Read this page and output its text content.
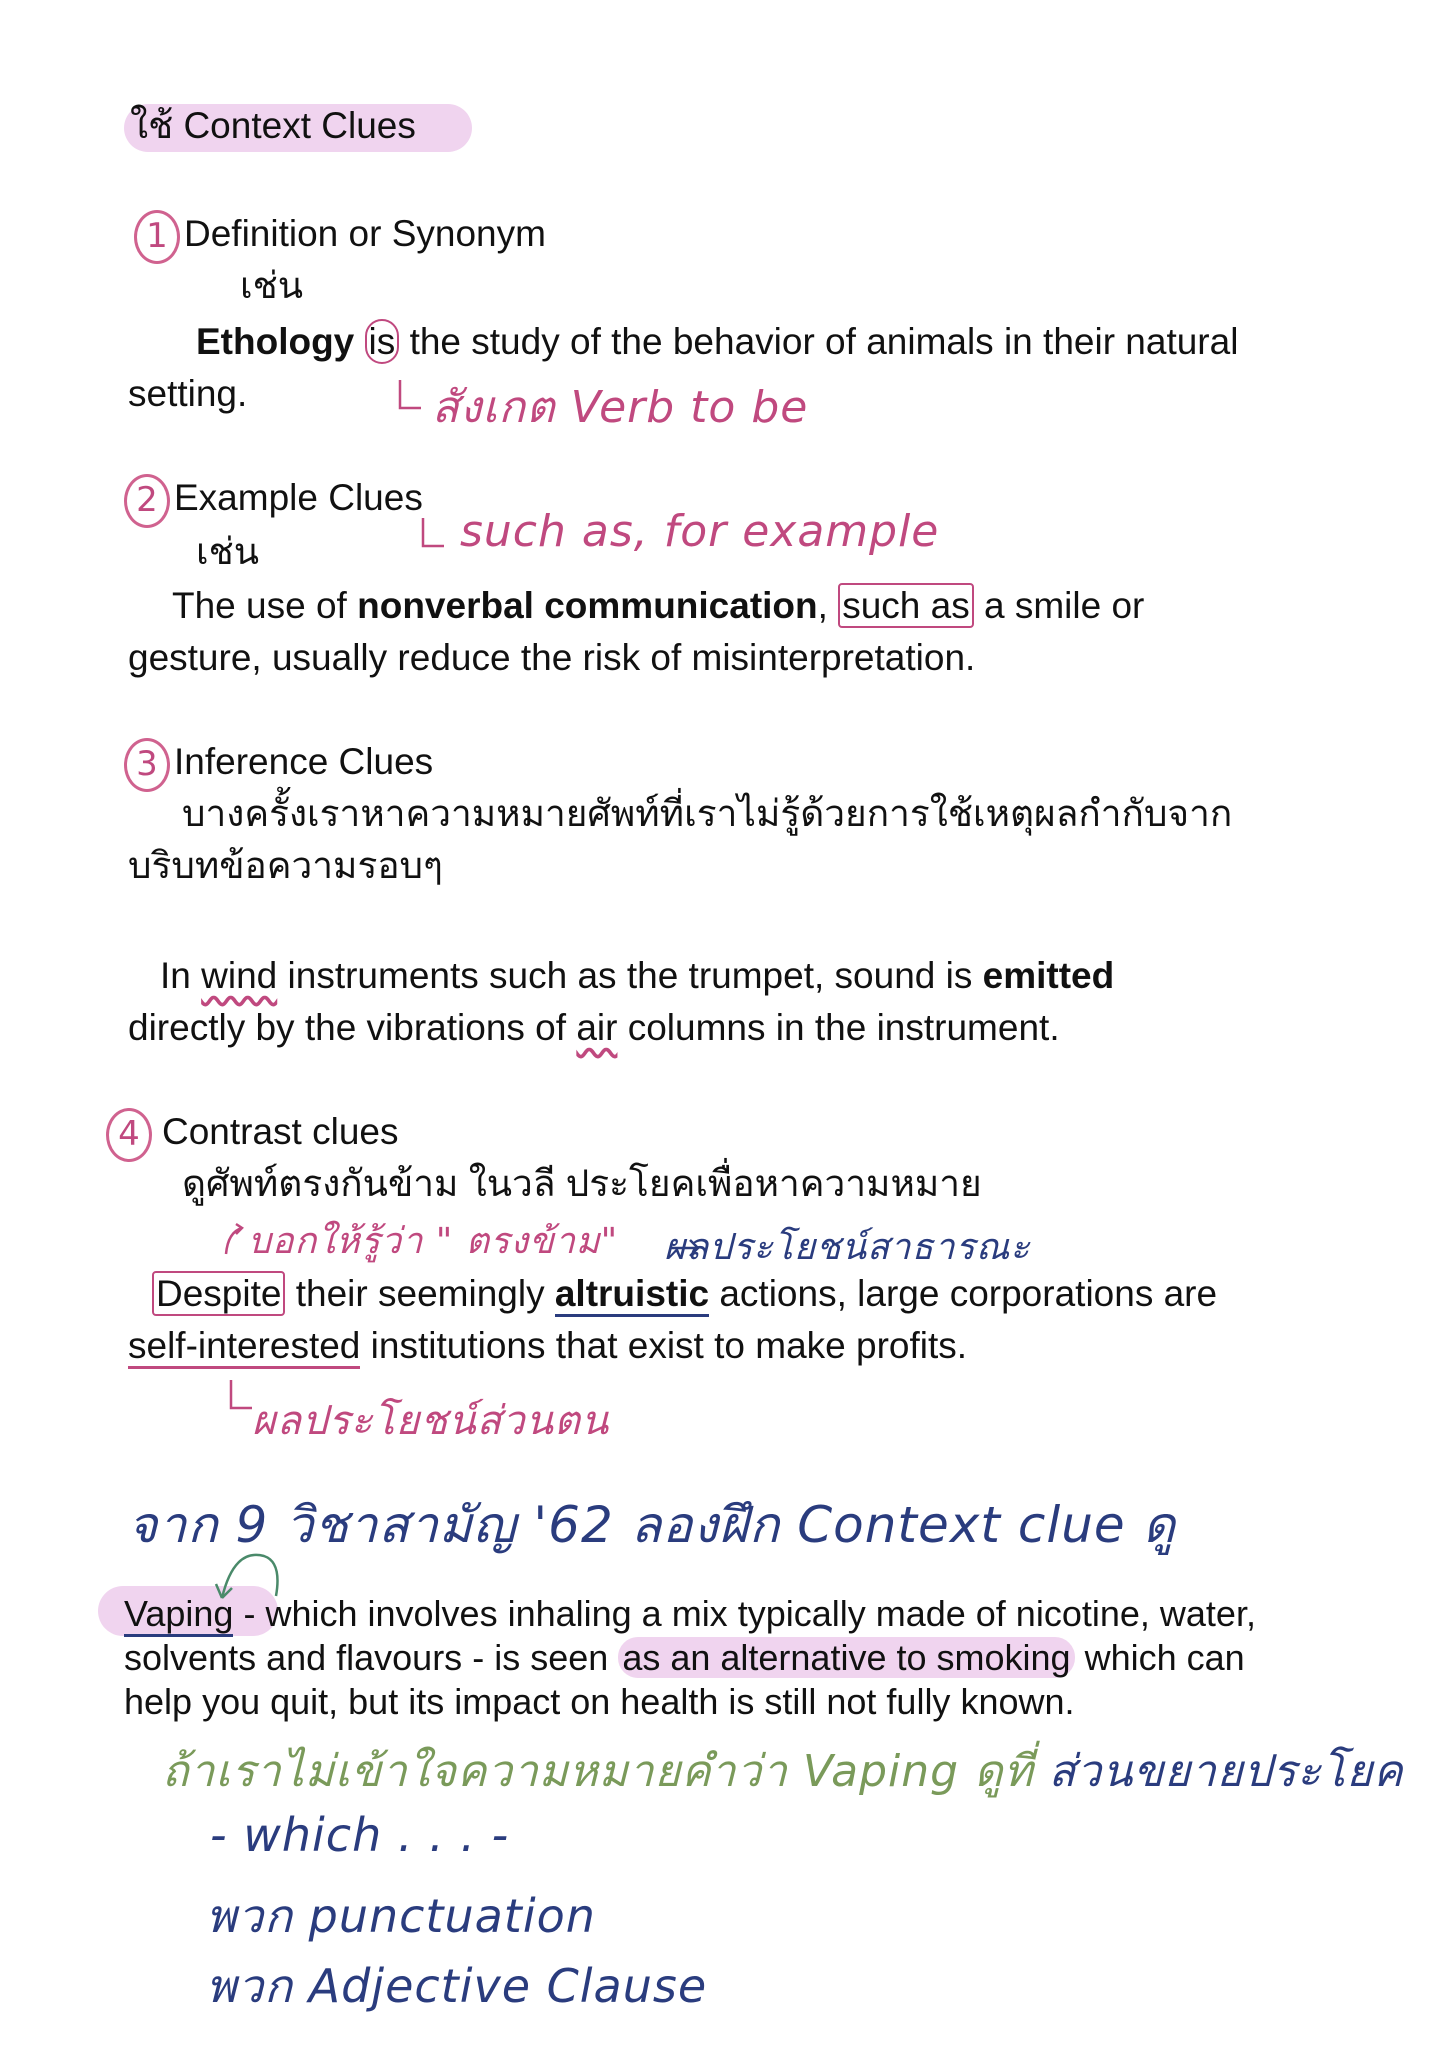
ใช้ Context Clues
1 Definition or Synonym
เช่น
Ethology is the study of the behavior of animals in their natural
setting.	สังเกต Verb to be
2 Example Clues
เช่น	such as, for example
The use of nonverbal communication, such as a smile or
gesture, usually reduce the risk of misinterpretation.
3 Inference Clues
บางครั้งเราหาความหมายศัพท์ที่เราไม่รู้ด้วยการใช้เหตุผลกำกับจาก
บริบทข้อความรอบๆ
In wind instruments such as the trumpet, sound is emitted
directly by the vibrations of air columns in the instrument.
4 Contrast clues
ดูศัพท์ตรงกันข้าม ในวลี ประโยคเพื่อหาความหมาย
บอกให้รู้ว่า " ตรงข้าม" ผลประโยชน์สาธารณะ
Despite their seemingly altruistic actions, large corporations are
self-interested institutions that exist to make profits.
ผลประโยชน์ส่วนตน
จาก 9 วิชาสามัญ '62 ลองฝึก Context clue ดู
Vaping - which involves inhaling a mix typically made of nicotine, water,
solvents and flavours - is seen as an alternative to smoking which can
help you quit, but its impact on health is still not fully known.
ถ้าเราไม่เข้าใจความหมายคำว่า Vaping ดูที่ ส่วนขยายประโยค
- which . . . -
พวก punctuation
พวก Adjective Clause
